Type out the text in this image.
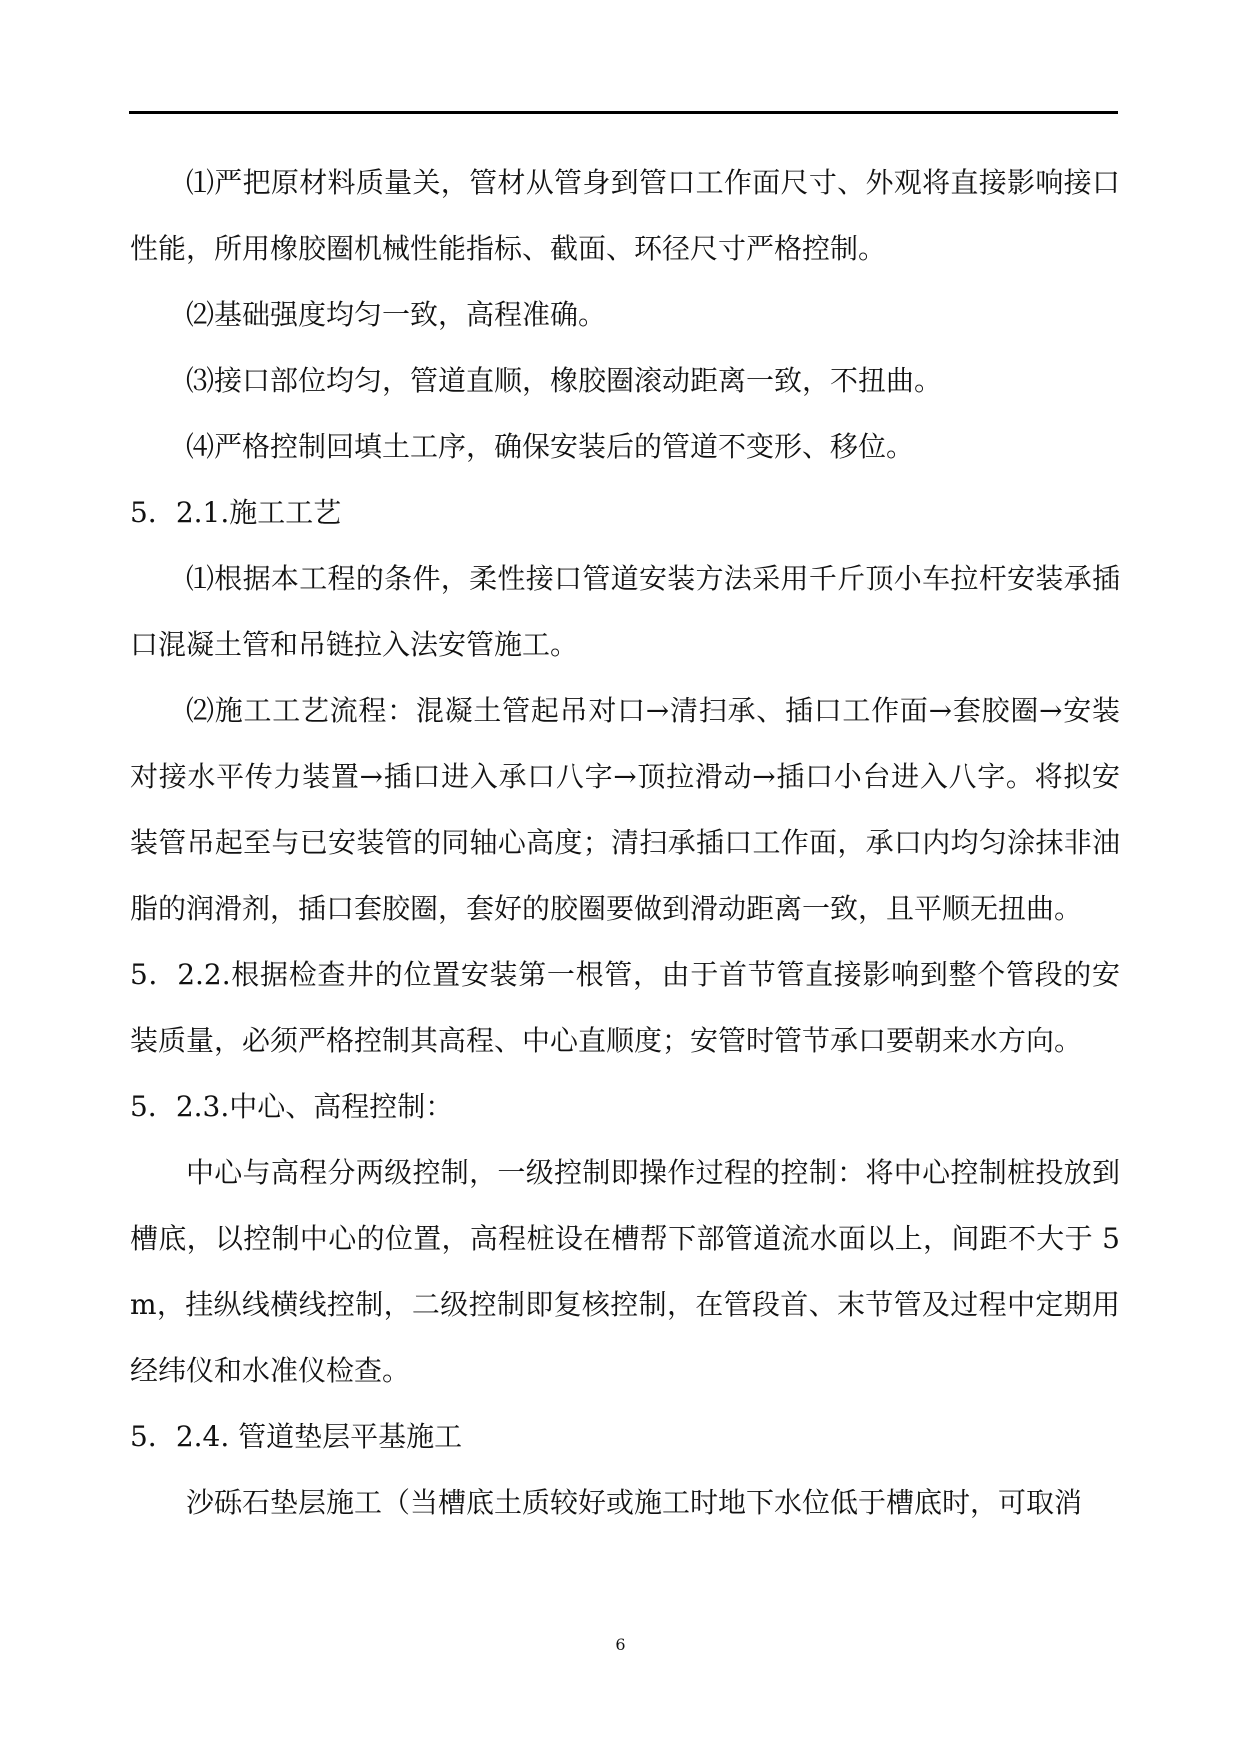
⑴严把原材料质量关，管材从管身到管口工作面尺寸、外观将直接影响接口性能，所用橡胶圈机械性能指标、截面、环径尺寸严格控制。

⑵基础强度均匀一致，高程准确。

⑶接口部位均匀，管道直顺，橡胶圈滚动距离一致，不扭曲。

⑷严格控制回填土工序，确保安装后的管道不变形、移位。

5．2.1.施工工艺

⑴根据本工程的条件，柔性接口管道安装方法采用千斤顶小车拉杆安装承插口混凝土管和吊链拉入法安管施工。

⑵施工工艺流程：混凝土管起吊对口→清扫承、插口工作面→套胶圈→安装对接水平传力装置→插口进入承口八字→顶拉滑动→插口小台进入八字。将拟安装管吊起至与已安装管的同轴心高度；清扫承插口工作面，承口内均匀涂抹非油脂的润滑剂，插口套胶圈，套好的胶圈要做到滑动距离一致，且平顺无扭曲。

5．2.2.根据检查井的位置安装第一根管，由于首节管直接影响到整个管段的安装质量，必须严格控制其高程、中心直顺度；安管时管节承口要朝来水方向。

5．2.3.中心、高程控制：

中心与高程分两级控制，一级控制即操作过程的控制：将中心控制桩投放到槽底，以控制中心的位置，高程桩设在槽帮下部管道流水面以上，间距不大于 5m，挂纵线横线控制，二级控制即复核控制，在管段首、末节管及过程中定期用经纬仪和水准仪检查。

5．2.4. 管道垫层平基施工

沙砾石垫层施工（当槽底土质较好或施工时地下水位低于槽底时，可取消

6
